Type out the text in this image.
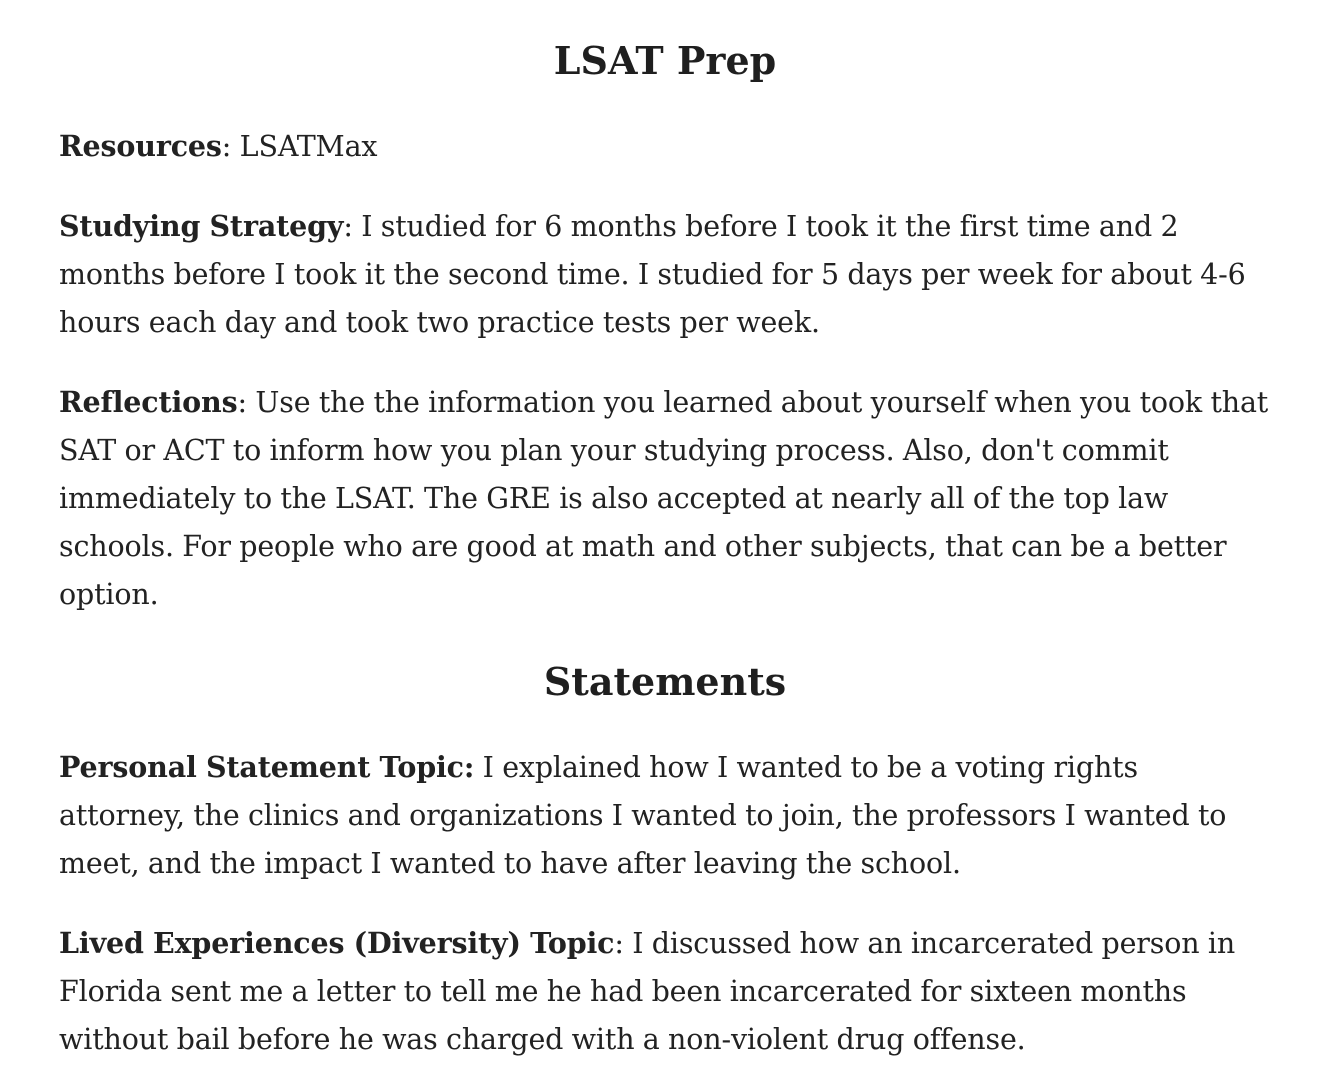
LSAT Prep

Resources: LSATMax

Studying Strategy: I studied for 6 months before I took it the first time and 2 months before I took it the second time. I studied for 5 days per week for about 4-6 hours each day and took two practice tests per week.

Reflections: Use the the information you learned about yourself when you took that SAT or ACT to inform how you plan your studying process. Also, don't commit immediately to the LSAT. The GRE is also accepted at nearly all of the top law schools. For people who are good at math and other subjects, that can be a better option.

Statements

Personal Statement Topic: I explained how I wanted to be a voting rights attorney, the clinics and organizations I wanted to join, the professors I wanted to meet, and the impact I wanted to have after leaving the school.

Lived Experiences (Diversity) Topic: I discussed how an incarcerated person in Florida sent me a letter to tell me he had been incarcerated for sixteen months without bail before he was charged with a non-violent drug offense.
